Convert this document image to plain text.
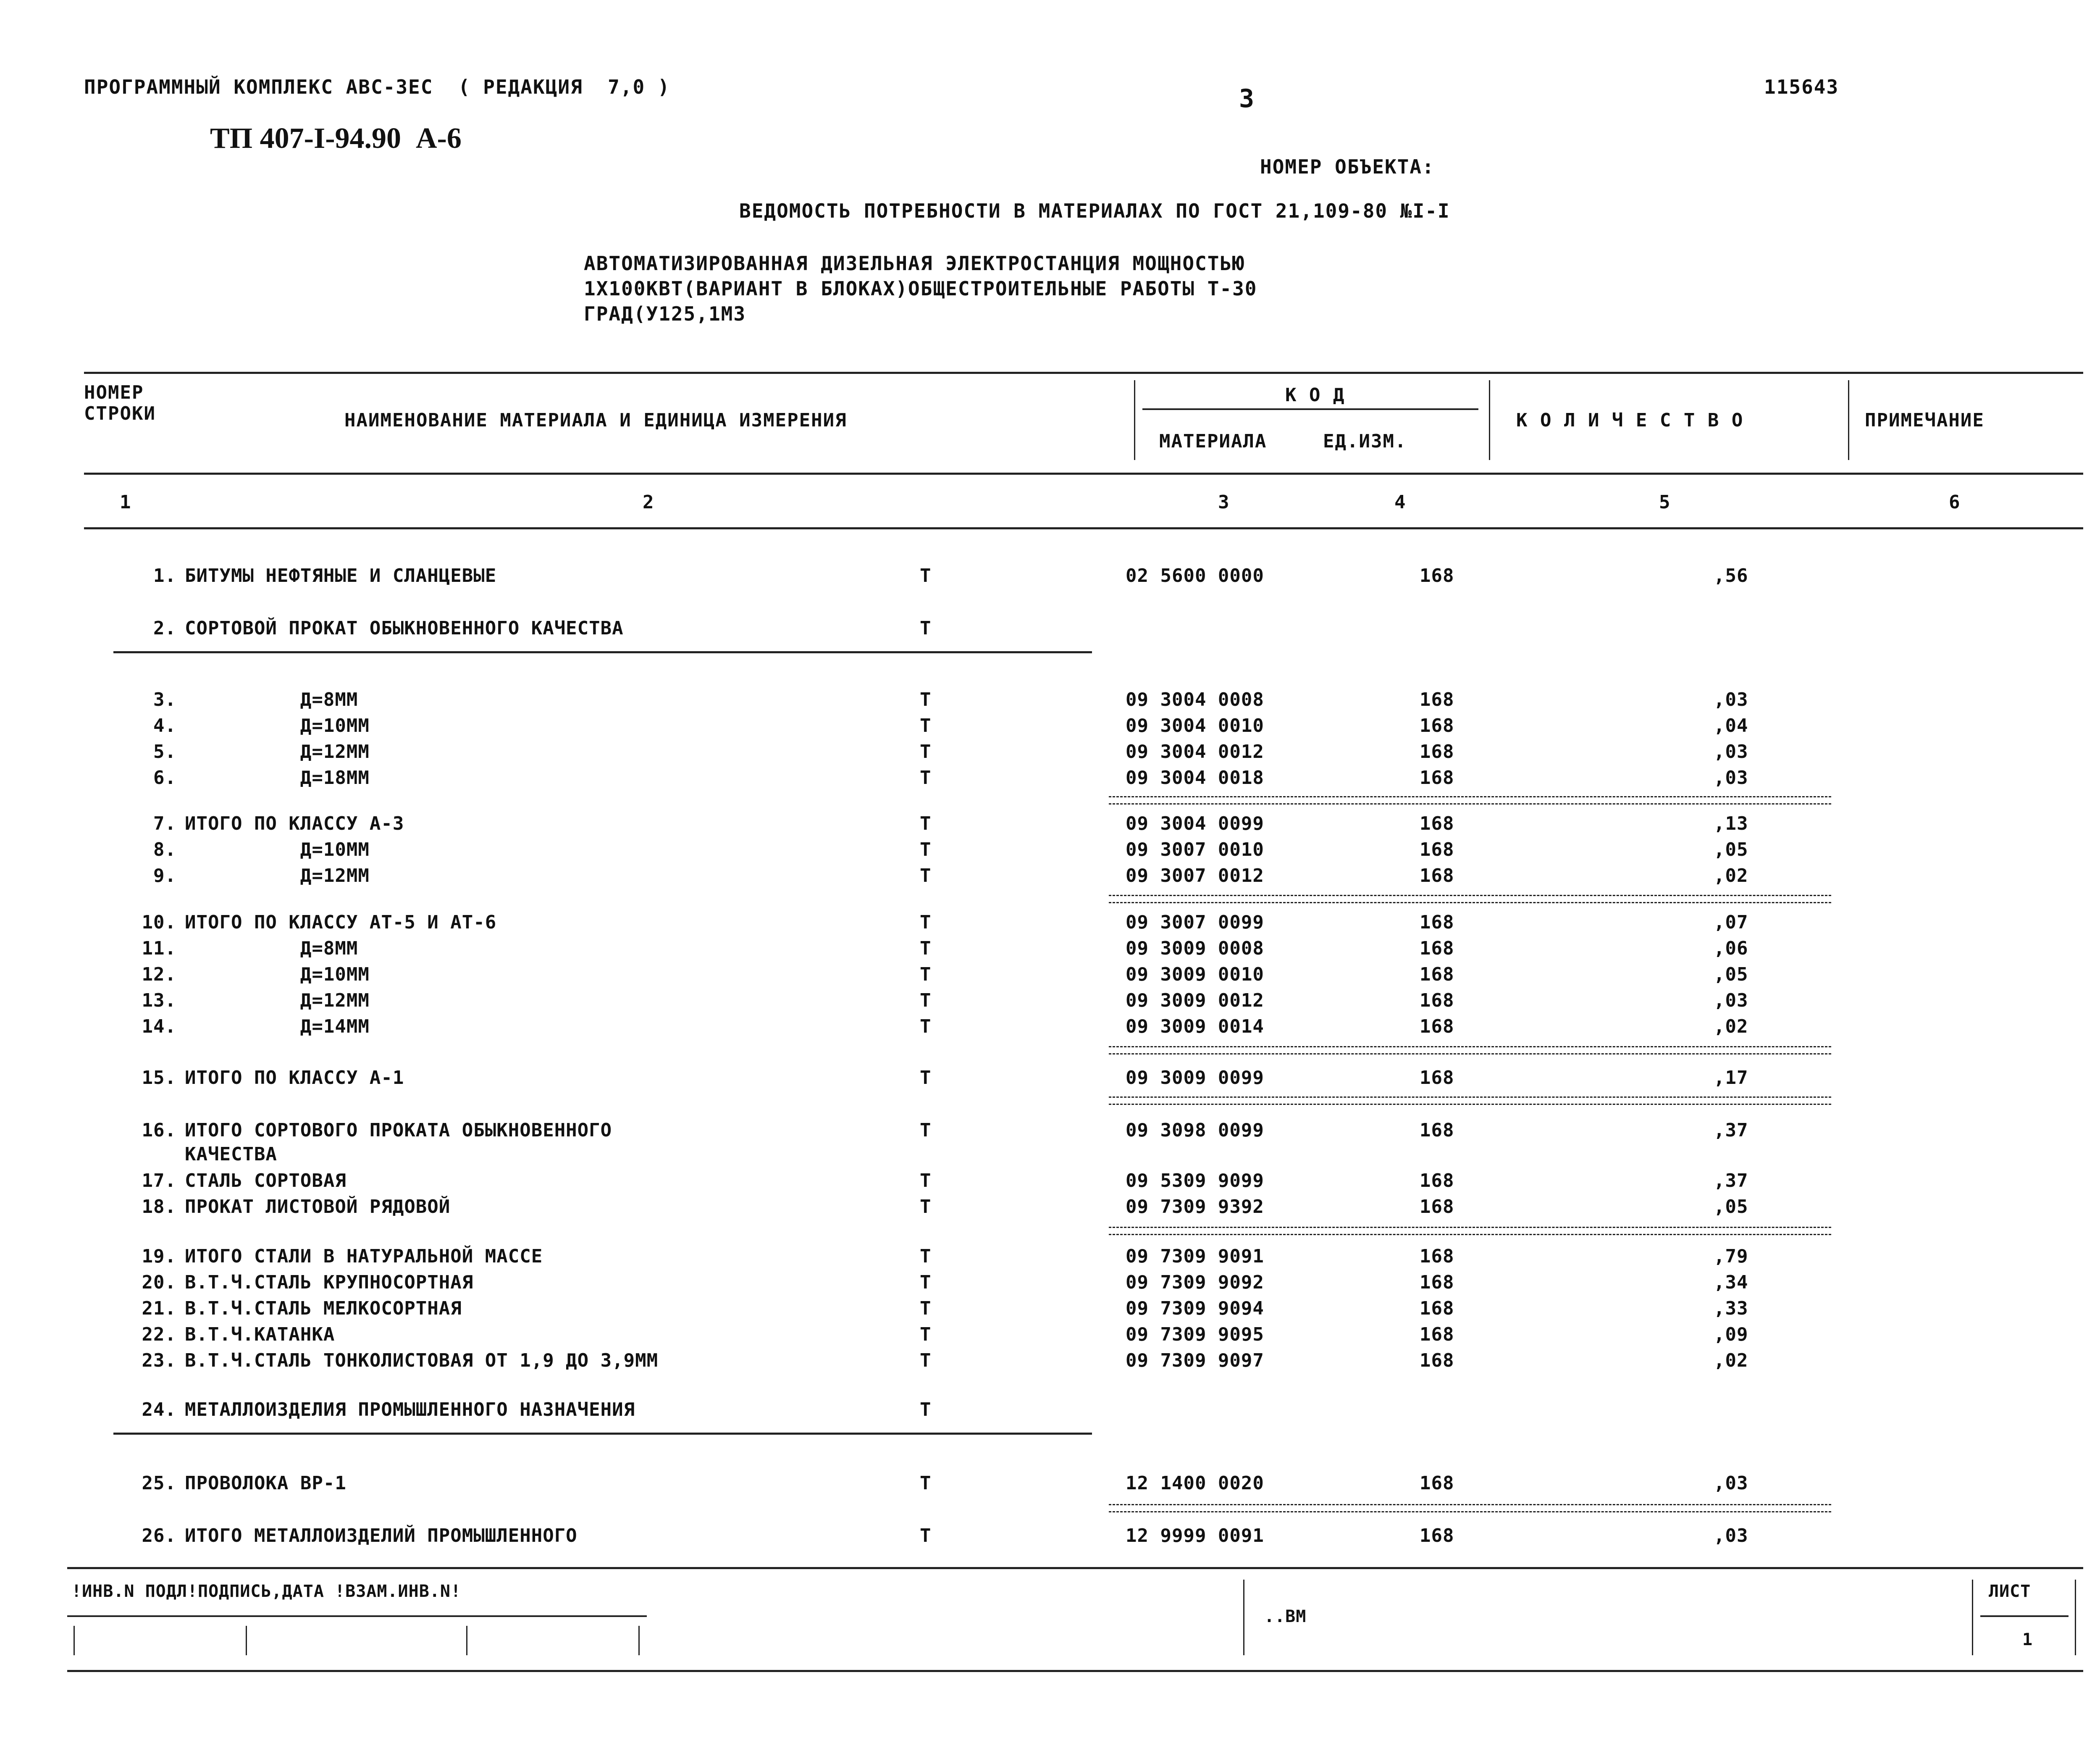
ПРОГРАММНЫЙ КОМПЛЕКС АВС-ЗЕС  ( РЕДАКЦИЯ  7,0 )	3	115643
ТП 407-I-94.90  А-6
НОМЕР ОБЪЕКТА:
ВЕДОМОСТЬ ПОТРЕБНОСТИ В МАТЕРИАЛАХ ПО ГОСТ 21,109-80 №I-I
АВТОМАТИЗИРОВАННАЯ ДИЗЕЛЬНАЯ ЭЛЕКТРОСТАНЦИЯ МОЩНОСТЬЮ
1Х100КВТ(ВАРИАНТ В БЛОКАХ)ОБЩЕСТРОИТЕЛЬНЫЕ РАБОТЫ Т-30
ГРАД(У125,1МЗ
НОМЕР СТРОКИ	НАИМЕНОВАНИЕ МАТЕРИАЛА И ЕДИНИЦА ИЗМЕРЕНИЯ
К О Д
МАТЕРИАЛА	ЕД.ИЗМ.
К О Л И Ч Е С Т В О	ПРИМЕЧАНИЕ
1	2	3	4	5	6
1. БИТУМЫ НЕФТЯНЫЕ И СЛАНЦЕВЫЕ	Т	02 5600 0000	168	,56
2. СОРТОВОЙ ПРОКАТ ОБЫКНОВЕННОГО КАЧЕСТВА	Т
3. Д=8ММ	Т	09 3004 0008	168	,03
4. Д=10ММ	Т	09 3004 0010	168	,04
5. Д=12ММ	Т	09 3004 0012	168	,03
6. Д=18ММ	Т	09 3004 0018	168	,03
7. ИТОГО ПО КЛАССУ А-3	Т	09 3004 0099	168	,13
8. Д=10ММ	Т	09 3007 0010	168	,05
9. Д=12ММ	Т	09 3007 0012	168	,02
10. ИТОГО ПО КЛАССУ АТ-5 И АТ-6	Т	09 3007 0099	168	,07
11. Д=8ММ	Т	09 3009 0008	168	,06
12. Д=10ММ	Т	09 3009 0010	168	,05
13. Д=12ММ	Т	09 3009 0012	168	,03
14. Д=14ММ	Т	09 3009 0014	168	,02
15. ИТОГО ПО КЛАССУ А-1	Т	09 3009 0099	168	,17
16. ИТОГО СОРТОВОГО ПРОКАТА ОБЫКНОВЕННОГО	Т	09 3098 0099	168	,37
КАЧЕСТВА
17. СТАЛЬ СОРТОВАЯ	Т	09 5309 9099	168	,37
18. ПРОКАТ ЛИСТОВОЙ РЯДОВОЙ	Т	09 7309 9392	168	,05
19. ИТОГО СТАЛИ В НАТУРАЛЬНОЙ МАССЕ	Т	09 7309 9091	168	,79
20. В.Т.Ч.СТАЛЬ КРУПНОСОРТНАЯ	Т	09 7309 9092	168	,34
21. В.Т.Ч.СТАЛЬ МЕЛКОСОРТНАЯ	Т	09 7309 9094	168	,33
22. В.Т.Ч.КАТАНКА	Т	09 7309 9095	168	,09
23. В.Т.Ч.СТАЛЬ ТОНКОЛИСТОВАЯ ОТ 1,9 ДО 3,9ММ	Т	09 7309 9097	168	,02
24. МЕТАЛЛОИЗДЕЛИЯ ПРОМЫШЛЕННОГО НАЗНАЧЕНИЯ	Т
25. ПРОВОЛОКА ВР-1	Т	12 1400 0020	168	,03
26. ИТОГО МЕТАЛЛОИЗДЕЛИЙ ПРОМЫШЛЕННОГО	Т	12 9999 0091	168	,03
!ИНВ.N ПОДЛ!ПОДПИСЬ,ДАТА !ВЗАМ.ИНВ.N!
..ВМ
ЛИСТ
1
